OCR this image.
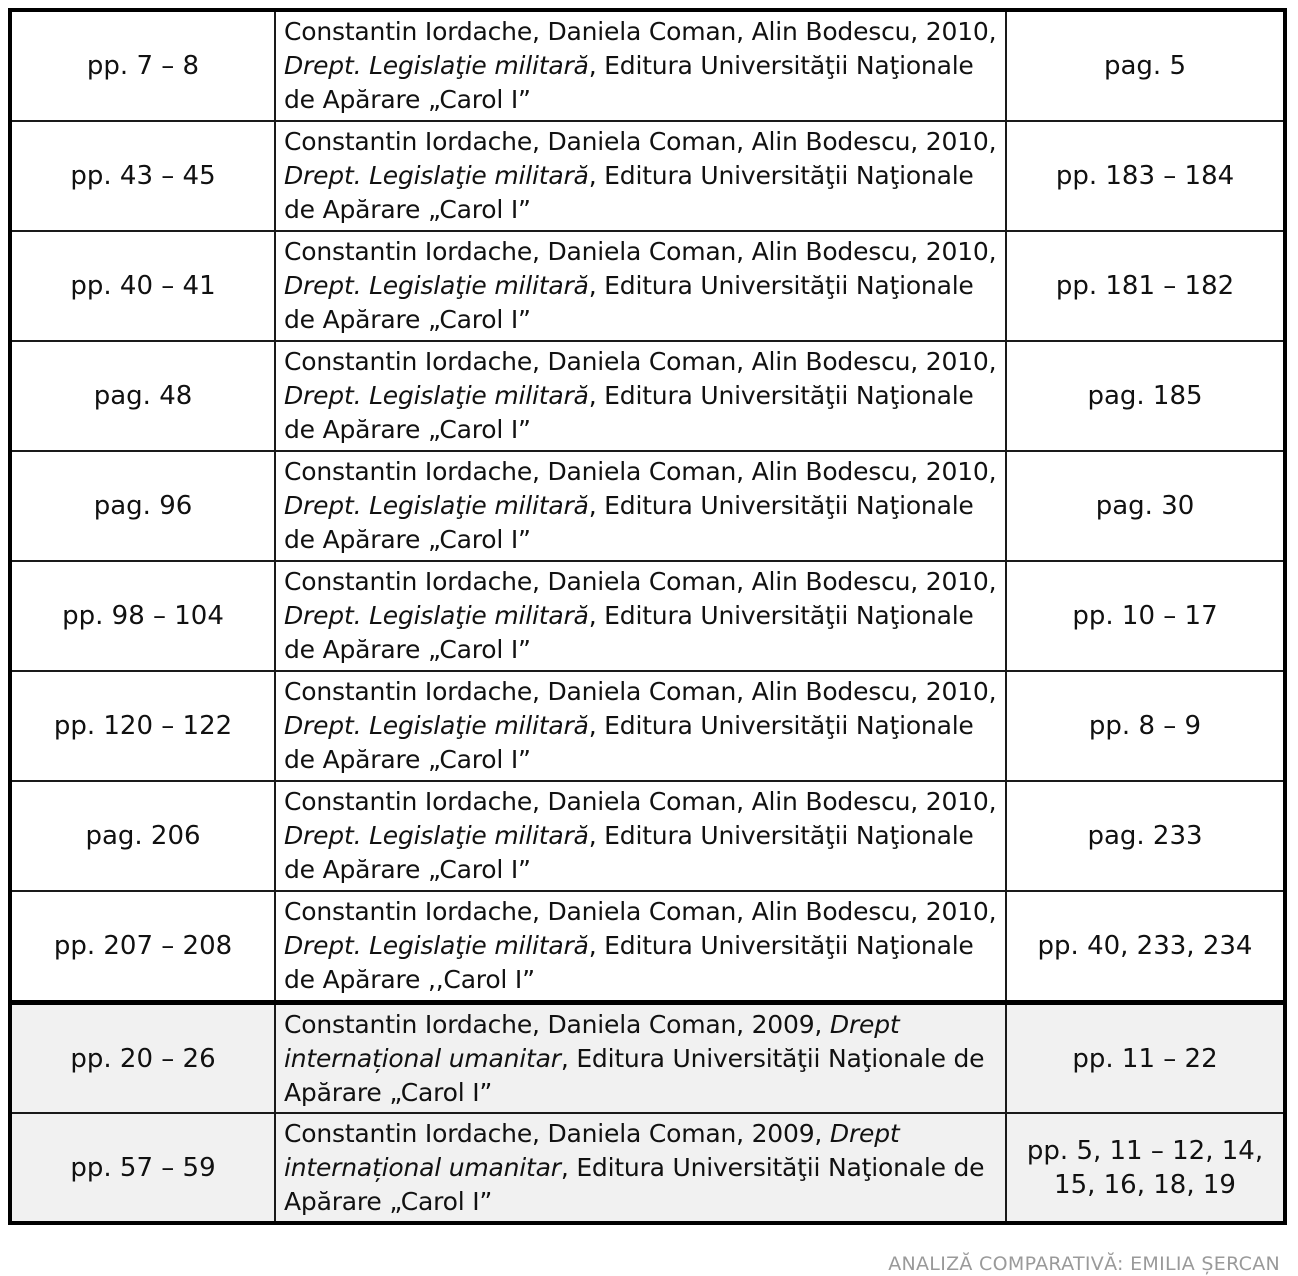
pp. 7 – 8	Constantin Iordache, Daniela Coman, Alin Bodescu, 2010, Drept. Legislaţie militară, Editura Universităţii Naţionale de Apărare „Carol I”	pag. 5
pp. 43 – 45	Constantin Iordache, Daniela Coman, Alin Bodescu, 2010, Drept. Legislaţie militară, Editura Universităţii Naţionale de Apărare „Carol I”	pp. 183 – 184
pp. 40 – 41	Constantin Iordache, Daniela Coman, Alin Bodescu, 2010, Drept. Legislaţie militară, Editura Universităţii Naţionale de Apărare „Carol I”	pp. 181 – 182
pag. 48	Constantin Iordache, Daniela Coman, Alin Bodescu, 2010, Drept. Legislaţie militară, Editura Universităţii Naţionale de Apărare „Carol I”	pag. 185
pag. 96	Constantin Iordache, Daniela Coman, Alin Bodescu, 2010, Drept. Legislaţie militară, Editura Universităţii Naţionale de Apărare „Carol I”	pag. 30
pp. 98 – 104	Constantin Iordache, Daniela Coman, Alin Bodescu, 2010, Drept. Legislaţie militară, Editura Universităţii Naţionale de Apărare „Carol I”	pp. 10 – 17
pp. 120 – 122	Constantin Iordache, Daniela Coman, Alin Bodescu, 2010, Drept. Legislaţie militară, Editura Universităţii Naţionale de Apărare „Carol I”	pp. 8 – 9
pag. 206	Constantin Iordache, Daniela Coman, Alin Bodescu, 2010, Drept. Legislaţie militară, Editura Universităţii Naţionale de Apărare „Carol I”	pag. 233
pp. 207 – 208	Constantin Iordache, Daniela Coman, Alin Bodescu, 2010, Drept. Legislaţie militară, Editura Universităţii Naţionale de Apărare ,,Carol I”	pp. 40, 233, 234
pp. 20 – 26	Constantin Iordache, Daniela Coman, 2009, Drept internațional umanitar, Editura Universităţii Naţionale de Apărare „Carol I”	pp. 11 – 22
pp. 57 – 59	Constantin Iordache, Daniela Coman, 2009, Drept internațional umanitar, Editura Universităţii Naţionale de Apărare „Carol I”	pp. 5, 11 – 12, 14, 15, 16, 18, 19
ANALIZĂ COMPARATIVĂ: EMILIA ȘERCAN
